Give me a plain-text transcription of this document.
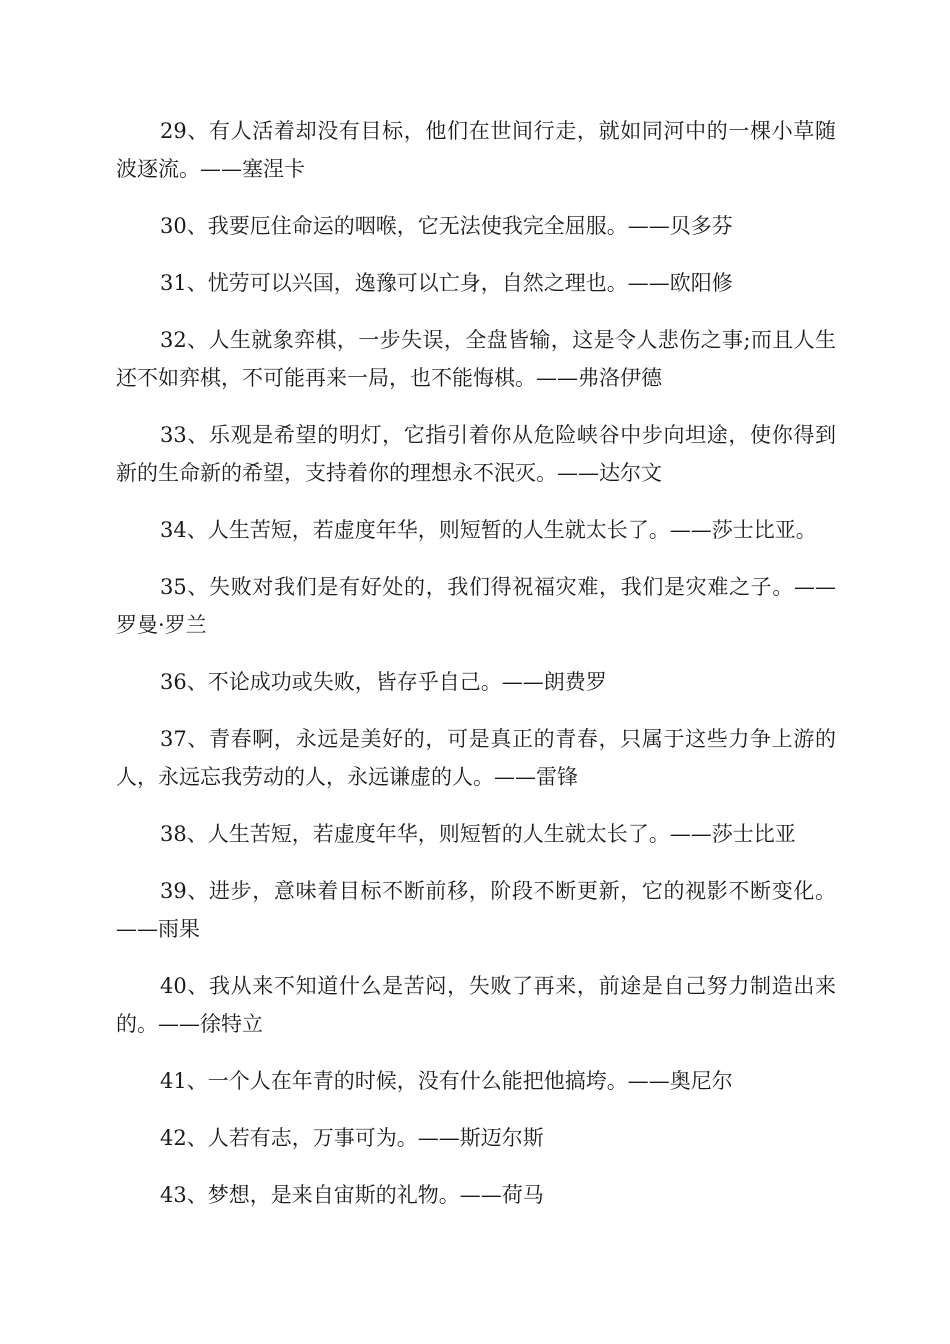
29、有人活着却没有目标，他们在世间行走，就如同河中的一棵小草随波逐流。——塞涅卡

30、我要厄住命运的咽喉，它无法使我完全屈服。——贝多芬

31、忧劳可以兴国，逸豫可以亡身，自然之理也。——欧阳修

32、人生就象弈棋，一步失误，全盘皆输，这是令人悲伤之事;而且人生还不如弈棋，不可能再来一局，也不能悔棋。——弗洛伊德

33、乐观是希望的明灯，它指引着你从危险峡谷中步向坦途，使你得到新的生命新的希望，支持着你的理想永不泯灭。——达尔文

34、人生苦短，若虚度年华，则短暂的人生就太长了。——莎士比亚。

35、失败对我们是有好处的，我们得祝福灾难，我们是灾难之子。——罗曼·罗兰

36、不论成功或失败，皆存乎自己。——朗费罗

37、青春啊，永远是美好的，可是真正的青春，只属于这些力争上游的人，永远忘我劳动的人，永远谦虚的人。——雷锋

38、人生苦短，若虚度年华，则短暂的人生就太长了。——莎士比亚

39、进步，意味着目标不断前移，阶段不断更新，它的视影不断变化。——雨果

40、我从来不知道什么是苦闷，失败了再来，前途是自己努力制造出来的。——徐特立

41、一个人在年青的时候，没有什么能把他搞垮。——奥尼尔

42、人若有志，万事可为。——斯迈尔斯

43、梦想，是来自宙斯的礼物。——荷马
